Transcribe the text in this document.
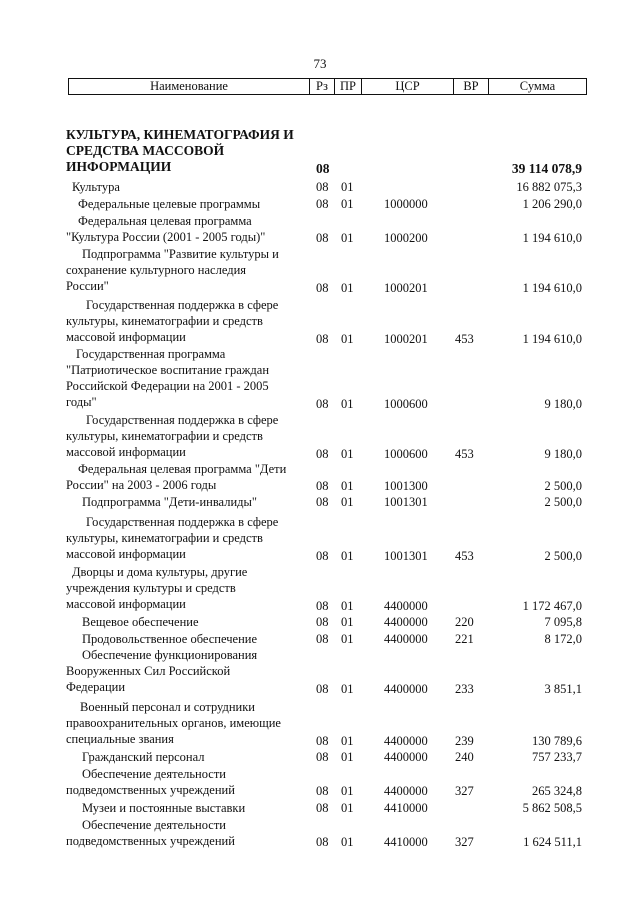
73
Наименование	Рз	ПР	ЦСР	ВР	Сумма
КУЛЬТУРА, КИНЕМАТОГРАФИЯ И
СРЕДСТВА МАССОВОЙ
ИНФОРМАЦИИ	08	39 114 078,9
Культура	08	01	16 882 075,3
Федеральные целевые программы	08	01	1000000	1 206 290,0
Федеральная целевая программа
"Культура России (2001 - 2005 годы)"	08	01	1000200	1 194 610,0
Подпрограмма "Развитие культуры и
сохранение культурного наследия
России"	08	01	1000201	1 194 610,0
Государственная поддержка в сфере
культуры, кинематографии и средств
массовой информации	08	01	1000201	453	1 194 610,0
Государственная программа
"Патриотическое воспитание граждан
Российской Федерации на 2001 - 2005
годы"	08	01	1000600	9 180,0
Государственная поддержка в сфере
культуры, кинематографии и средств
массовой информации	08	01	1000600	453	9 180,0
Федеральная целевая программа "Дети
России" на 2003 - 2006 годы	08	01	1001300	2 500,0
Подпрограмма "Дети-инвалиды"	08	01	1001301	2 500,0
Государственная поддержка в сфере
культуры, кинематографии и средств
массовой информации	08	01	1001301	453	2 500,0
Дворцы и дома культуры, другие
учреждения культуры и средств
массовой информации	08	01	4400000	1 172 467,0
Вещевое обеспечение	08	01	4400000	220	7 095,8
Продовольственное обеспечение	08	01	4400000	221	8 172,0
Обеспечение функционирования
Вооруженных Сил Российской
Федерации	08	01	4400000	233	3 851,1
Военный персонал и сотрудники
правоохранительных органов, имеющие
специальные звания	08	01	4400000	239	130 789,6
Гражданский персонал	08	01	4400000	240	757 233,7
Обеспечение деятельности
подведомственных учреждений	08	01	4400000	327	265 324,8
Музеи и постоянные выставки	08	01	4410000	5 862 508,5
Обеспечение деятельности
подведомственных учреждений	08	01	4410000	327	1 624 511,1
